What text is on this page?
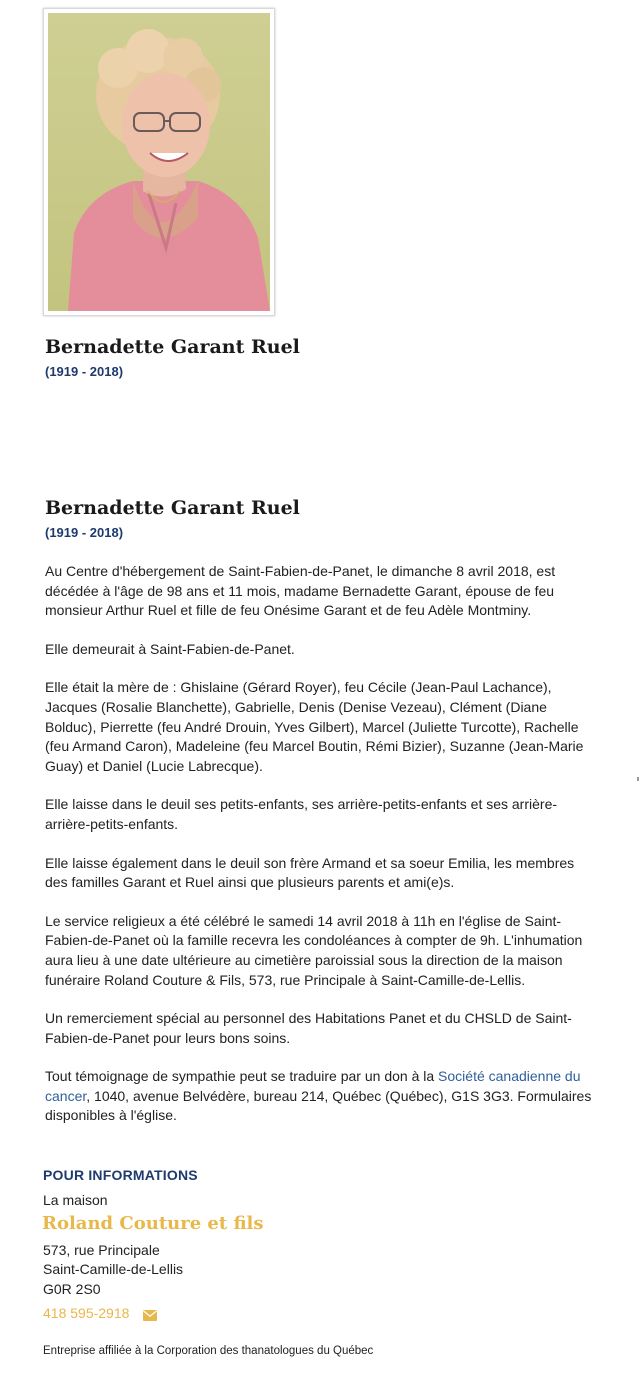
Bernadette Garant Ruel

(1919 - 2018)

Bernadette Garant Ruel

(1919 - 2018)

Au Centre d'hébergement de Saint-Fabien-de-Panet, le dimanche 8 avril 2018, est décédée à l'âge de 98 ans et 11 mois, madame Bernadette Garant, épouse de feu monsieur Arthur Ruel et fille de feu Onésime Garant et de feu Adèle Montminy.

Elle demeurait à Saint-Fabien-de-Panet.

Elle était la mère de : Ghislaine (Gérard Royer), feu Cécile (Jean-Paul Lachance), Jacques (Rosalie Blanchette), Gabrielle, Denis (Denise Vezeau), Clément (Diane Bolduc), Pierrette (feu André Drouin, Yves Gilbert), Marcel (Juliette Turcotte), Rachelle (feu Armand Caron), Madeleine (feu Marcel Boutin, Rémi Bizier), Suzanne (Jean-Marie Guay) et Daniel (Lucie Labrecque).

Elle laisse dans le deuil ses petits-enfants, ses arrière-petits-enfants et ses arrière-arrière-petits-enfants.

Elle laisse également dans le deuil son frère Armand et sa soeur Emilia, les membres des familles Garant et Ruel ainsi que plusieurs parents et ami(e)s.

Le service religieux a été célébré le samedi 14 avril 2018 à 11h en l'église de Saint-Fabien-de-Panet où la famille recevra les condoléances à compter de 9h. L'inhumation aura lieu à une date ultérieure au cimetière paroissial sous la direction de la maison funéraire Roland Couture & Fils, 573, rue Principale à Saint-Camille-de-Lellis.

Un remerciement spécial au personnel des Habitations Panet et du CHSLD de Saint-Fabien-de-Panet pour leurs bons soins.

Tout témoignage de sympathie peut se traduire par un don à la Société canadienne du cancer, 1040, avenue Belvédère, bureau 214, Québec (Québec), G1S 3G3. Formulaires disponibles à l'église.

POUR INFORMATIONS

La maison

Roland Couture et fils

573, rue Principale

Saint-Camille-de-Lellis

G0R 2S0

418 595-2918

Entreprise affiliée à la Corporation des thanatologues du Québec
